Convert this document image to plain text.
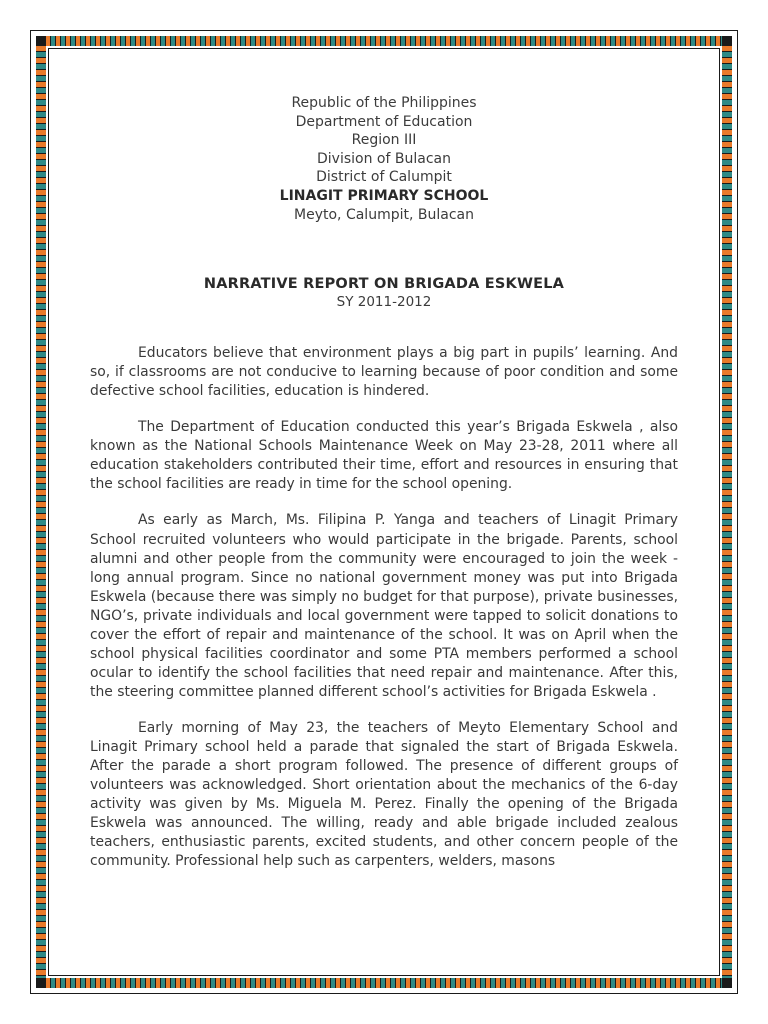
Republic of the Philippines
Department of Education
Region III
Division of Bulacan
District of Calumpit
LINAGIT PRIMARY SCHOOL
Meyto, Calumpit, Bulacan
NARRATIVE REPORT ON BRIGADA ESKWELA
SY 2011-2012

Educators believe that environment plays a big part in pupils’ learning. And so, if classrooms are not conducive to learning because of poor condition and some defective school facilities, education is hindered.

The Department of Education conducted this year’s Brigada Eskwela , also known as the National Schools Maintenance Week on May 23-28, 2011 where all education stakeholders contributed their time, effort and resources in ensuring that the school facilities are ready in time for the school opening.

As early as March, Ms. Filipina P. Yanga and teachers of Linagit Primary School recruited volunteers who would participate in the brigade. Parents, school alumni and other people from the community were encouraged to join the week - long annual program. Since no national government money was put into Brigada Eskwela (because there was simply no budget for that purpose), private businesses, NGO’s, private individuals and local government were tapped to solicit donations to cover the effort of repair and maintenance of the school. It was on April when the school physical facilities coordinator and some PTA members performed a school ocular to identify the school facilities that need repair and maintenance. After this, the steering committee planned different school’s activities for Brigada Eskwela .

Early morning of May 23, the teachers of Meyto Elementary School and Linagit Primary school held a parade that signaled the start of Brigada Eskwela. After the parade a short program followed. The presence of different groups of volunteers was acknowledged. Short orientation about the mechanics of the 6-day activity was given by Ms. Miguela M. Perez. Finally the opening of the Brigada Eskwela was announced. The willing, ready and able brigade included zealous teachers, enthusiastic parents, excited students, and other concern people of the community. Professional help such as carpenters, welders, masons
